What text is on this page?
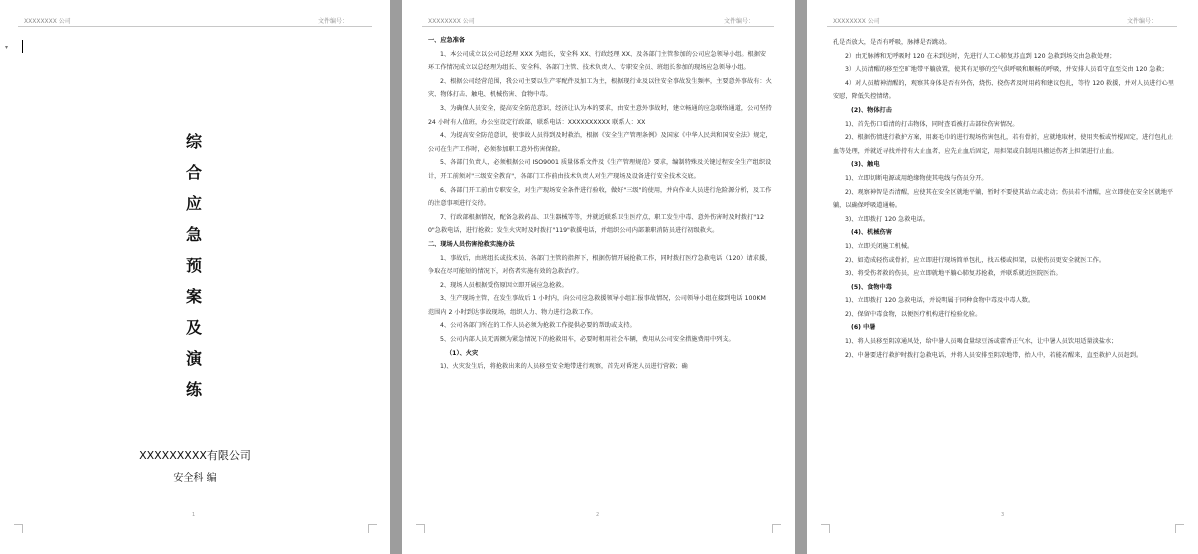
XXXXXXXX 公司	文件编号：
▾
综
合
应
急
预
案
及
演
练
XXXXXXXXX有限公司
安全科 编
1
XXXXXXXX 公司	文件编号：

一、应急准备

1、本公司成立以公司总经理 XXX 为组长，安全科 XX、行政经理 XX、及各部门主管参加的公司应急领导小组。根据安环工作情况成立以总经理为组长、安全科、各部门主管、技术负责人、专职安全员、班组长参加的现场应急领导小组。

2、根据公司经营范围，我公司主要以生产零配件及加工为主，根据现行业及以往安全事故发生频率，主要意外事故有：火灾、物体打击、触电、机械伤害、食物中毒。

3、为确保人员安全，提高安全防范意识，经济让认为本的要求，由安主意外事故时，建立畅通的应急联络通道，公司坚持 24 小时有人值班，办公室设定行政部，联系电话：XXXXXXXXXX 联系人：XX

4、为提高安全防范意识，使事故人员得到及时救治，根据《安全生产管理条例》及国家《中华人民共和国安全法》规定，公司在生产工作时，必须参加职工意外伤害保险。

5、各部门负责人，必须根据公司 ISO9001 质量体系文件及《生产管理规范》要求，编制特殊及关键过程安全生产组织设计，开工前须对"三级安全教育"，各部门工作前由技术负责人对生产现场及设备进行安全技术交底。

6、各部门开工前由专职安全，对生产现场安全条件进行验收，做好"三级"的使用，并向作业人员进行危险源分析，及工作的注意事项进行交待。

7、行政部根据情况，配备急救药品、卫生器械等等，并就近联系卫生医疗点，职工发生中毒、意外伤害时及时拨打"120"急救电话，进行抢救；发生火灾时及时拨打"119"救援电话，并组织公司内部兼职消防员进行初级救火。

二、现场人员伤害抢救实施办法

1、事故后，由班组长或技术员、各部门主管的指挥下，根据伤情开展抢救工作，同时拨打医疗急救电话（120）请求援，争取在尽可能短的情况下，对伤者实施有效的急救治疗。

2、现场人员根据受伤原因立即开展应急抢救。

3、生产现场主管，在发生事故后 1 小时内，向公司应急救援领导小组汇报事故情况，公司领导小组在接到电话 100KM 范围内 2 小时到达事故现场，组织人力、物力进行急救工作。

4、公司各部门所在的工作人员必须为抢救工作提供必要的帮助或支持。

5、公司内部人员无需额为紧急情况下的抢救用车，必要时租用社会车辆，费用从公司安全措施费用中列支。

（1）、火灾

1)、火灾发生后，将抢救出来的人员移至安全地带进行观察，首先对昏迷人员进行营救；确

2
XXXXXXXX 公司	文件编号：

孔是否放大，是否有呼吸，脉搏是否跳动。

2）由无脉搏和无呼吸时 120 在未到达时，先进行人工心肺复苏直到 120 急救到场交由急救处理；

3）人员清醒的移至空旷地带平躺放置，使其有足够的空气供呼吸和顺畅的呼吸，并安排人员看守直至交由 120 急救；

4）对人员精神清醒的，观察其身体是否有外伤，烧伤、挠伤者及时用药和建议包扎，等待 120 救援，并对人员进行心里安慰，降低失控情绪。

(2)、物体打击

1)、首先伤口看清的打击物体，同时查看被打击部位伤害情况。

2)、根据伤情进行救护方案，用裹毛巾的进行现场伤害包扎，若有骨折，应就地取材，使用夹板或竹棍固定，进行包扎止血等处理，并就近寻找并持有大止血者，应先止血后固定，用担架或自制用具搬运伤者上担架进行止血。

(3)、触电

1)、立即切断电源或用绝缘物使其电线与伤员分开。

2)、观察神智是否清醒，应使其在安全区就地平躺，暂时不要使其站立或走动；伤员若不清醒，应立即使在安全区就地平躺，以确保呼吸道通畅。

3)、立即拨打 120 急救电话。

(4)、机械伤害

1)、立即关闭施工机械。

2)、如造成轻伤或骨折，应立即进行现场简单包扎，找五楼或担架，以使伤员更安全就医工作。

3)、将受伤者救的伤员，应立即就地平躺心肺复苏抢救，并联系就近医院医治。

(5)、食物中毒

1)、立即拨打 120 急救电话，并说明属于同种食物中毒及中毒人数。

2)、保留中毒食物，以便医疗机构进行检验化验。

(6) 中暑

1)、将人员移至阴凉通风处，给中暑人员喝食量绿豆汤或藿香正气水，让中暑人员饮用适量淡盐水；

2)、中暑要进行救护时拨打急救电话，并将人员安排至阴凉地带，抬人中，若能若醒来，直至救护人员赶到。

3
